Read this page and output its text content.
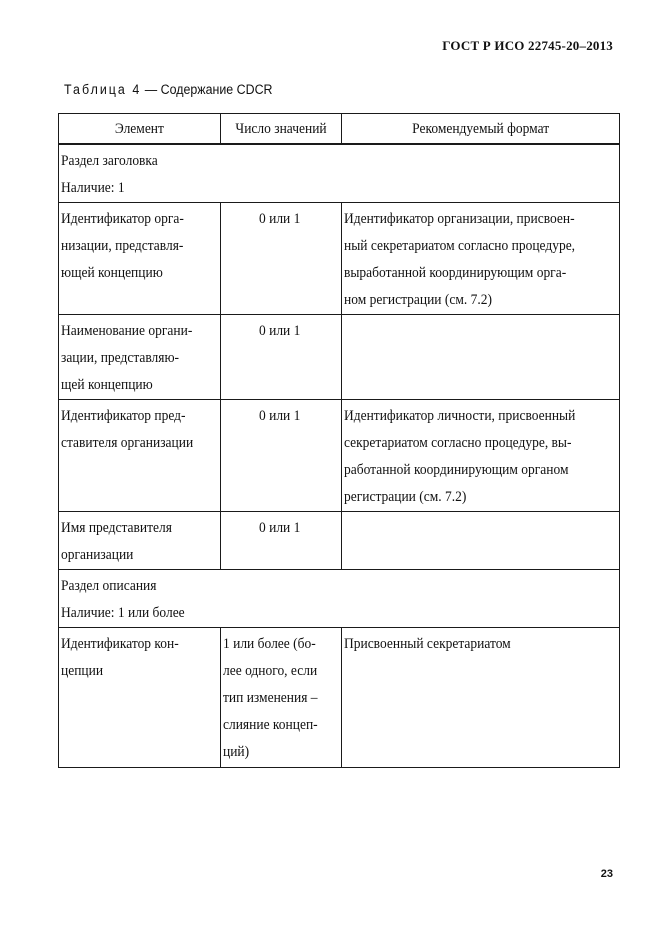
ГОСТ Р ИСО 22745-20–2013
Таблица 4 — Содержание CDCR
Элемент	Число значений	Рекомендуемый формат

Раздел заголовка
Наличие: 1		

Идентификатор орга-
низации, представля-
ющей концепцию	0 или 1	Идентификатор организации, присвоен-
ный секретариатом согласно процедуре,
выработанной координирующим орга-
ном регистрации (см. 7.2)

Наименование органи-
зации, представляю-
щей концепцию	0 или 1	

Идентификатор пред-
ставителя организации	0 или 1	Идентификатор личности, присвоенный
секретариатом согласно процедуре, вы-
работанной координирующим органом
регистрации (см. 7.2)

Имя представителя
организации	0 или 1	

Раздел описания
Наличие: 1 или более		

Идентификатор кон-
цепции	1 или более (бо-
лее одного, если
тип изменения –
слияние концеп-
ций)	Присвоенный секретариатом
23
